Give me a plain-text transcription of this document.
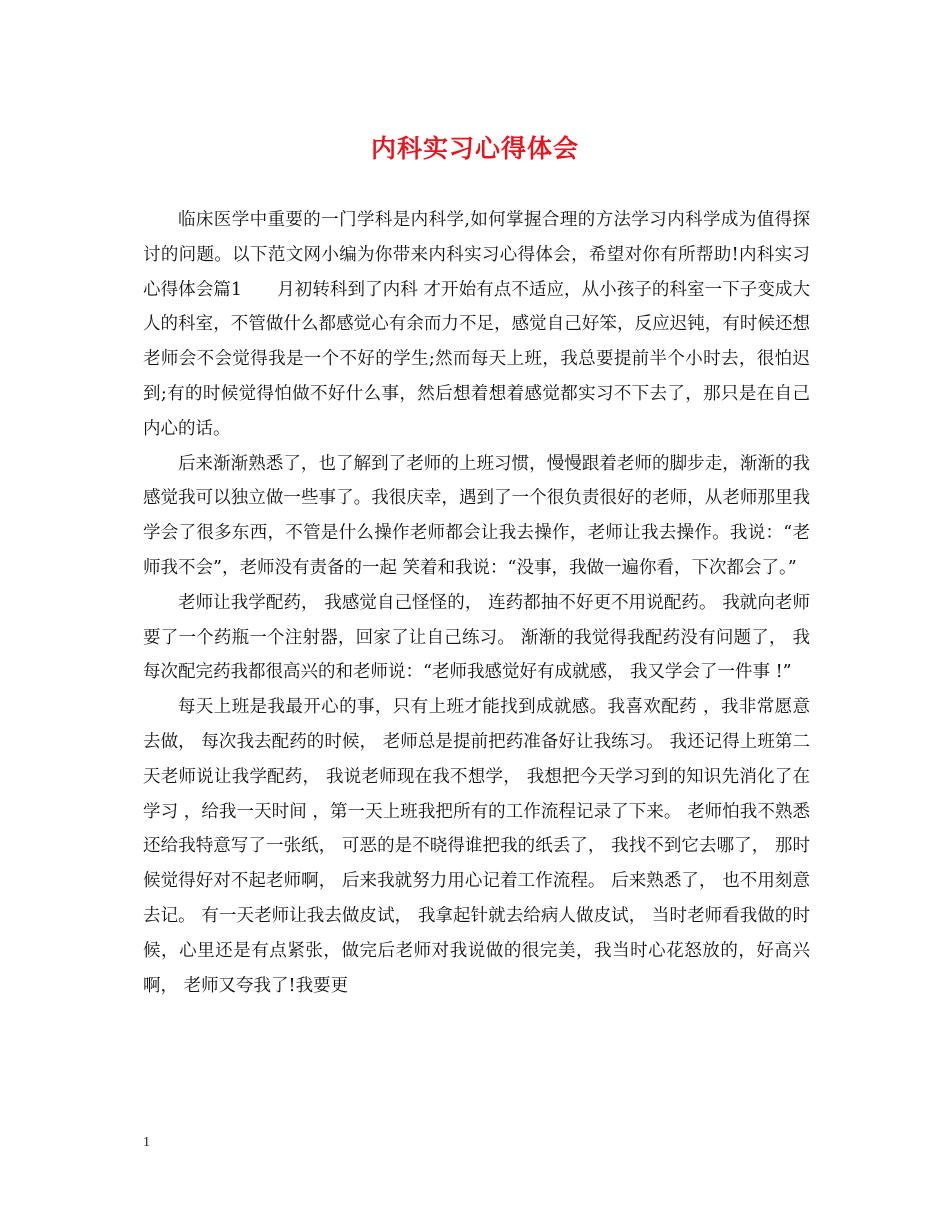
内科实习心得体会

临床医学中重要的一门学科是内科学,如何掌握合理的方法学习内科学成为值得探讨的问题。以下范文网小编为你带来内科实习心得体会，希望对你有所帮助!内科实习心得体会篇1　　月初转科到了内科 才开始有点不适应，从小孩子的科室一下子变成大人的科室，不管做什么都感觉心有余而力不足，感觉自己好笨，反应迟钝，有时候还想老师会不会觉得我是一个不好的学生;然而每天上班，我总要提前半个小时去，很怕迟到;有的时候觉得怕做不好什么事，然后想着想着感觉都实习不下去了，那只是在自己内心的话。

后来渐渐熟悉了，也了解到了老师的上班习惯，慢慢跟着老师的脚步走，渐渐的我感觉我可以独立做一些事了。我很庆幸，遇到了一个很负责很好的老师，从老师那里我学会了很多东西，不管是什么操作老师都会让我去操作，老师让我去操作。我说：“老师我不会”，老师没有责备的一起 笑着和我说：“没事，我做一遍你看，下次都会了。”

老师让我学配药， 我感觉自己怪怪的， 连药都抽不好更不用说配药。 我就向老师要了一个药瓶一个注射器，回家了让自己练习。 渐渐的我觉得我配药没有问题了， 我每次配完药我都很高兴的和老师说：“老师我感觉好有成就感， 我又学会了一件事 !”

每天上班是我最开心的事，只有上班才能找到成就感。我喜欢配药 ，我非常愿意去做， 每次我去配药的时候， 老师总是提前把药准备好让我练习。 我还记得上班第二天老师说让我学配药， 我说老师现在我不想学， 我想把今天学习到的知识先消化了在学习 ，给我一天时间 ，第一天上班我把所有的工作流程记录了下来。 老师怕我不熟悉还给我特意写了一张纸， 可恶的是不晓得谁把我的纸丢了， 我找不到它去哪了， 那时候觉得好对不起老师啊， 后来我就努力用心记着工作流程。 后来熟悉了， 也不用刻意去记。 有一天老师让我去做皮试， 我拿起针就去给病人做皮试， 当时老师看我做的时候，心里还是有点紧张，做完后老师对我说做的很完美，我当时心花怒放的，好高兴啊， 老师又夸我了!我要更

1
